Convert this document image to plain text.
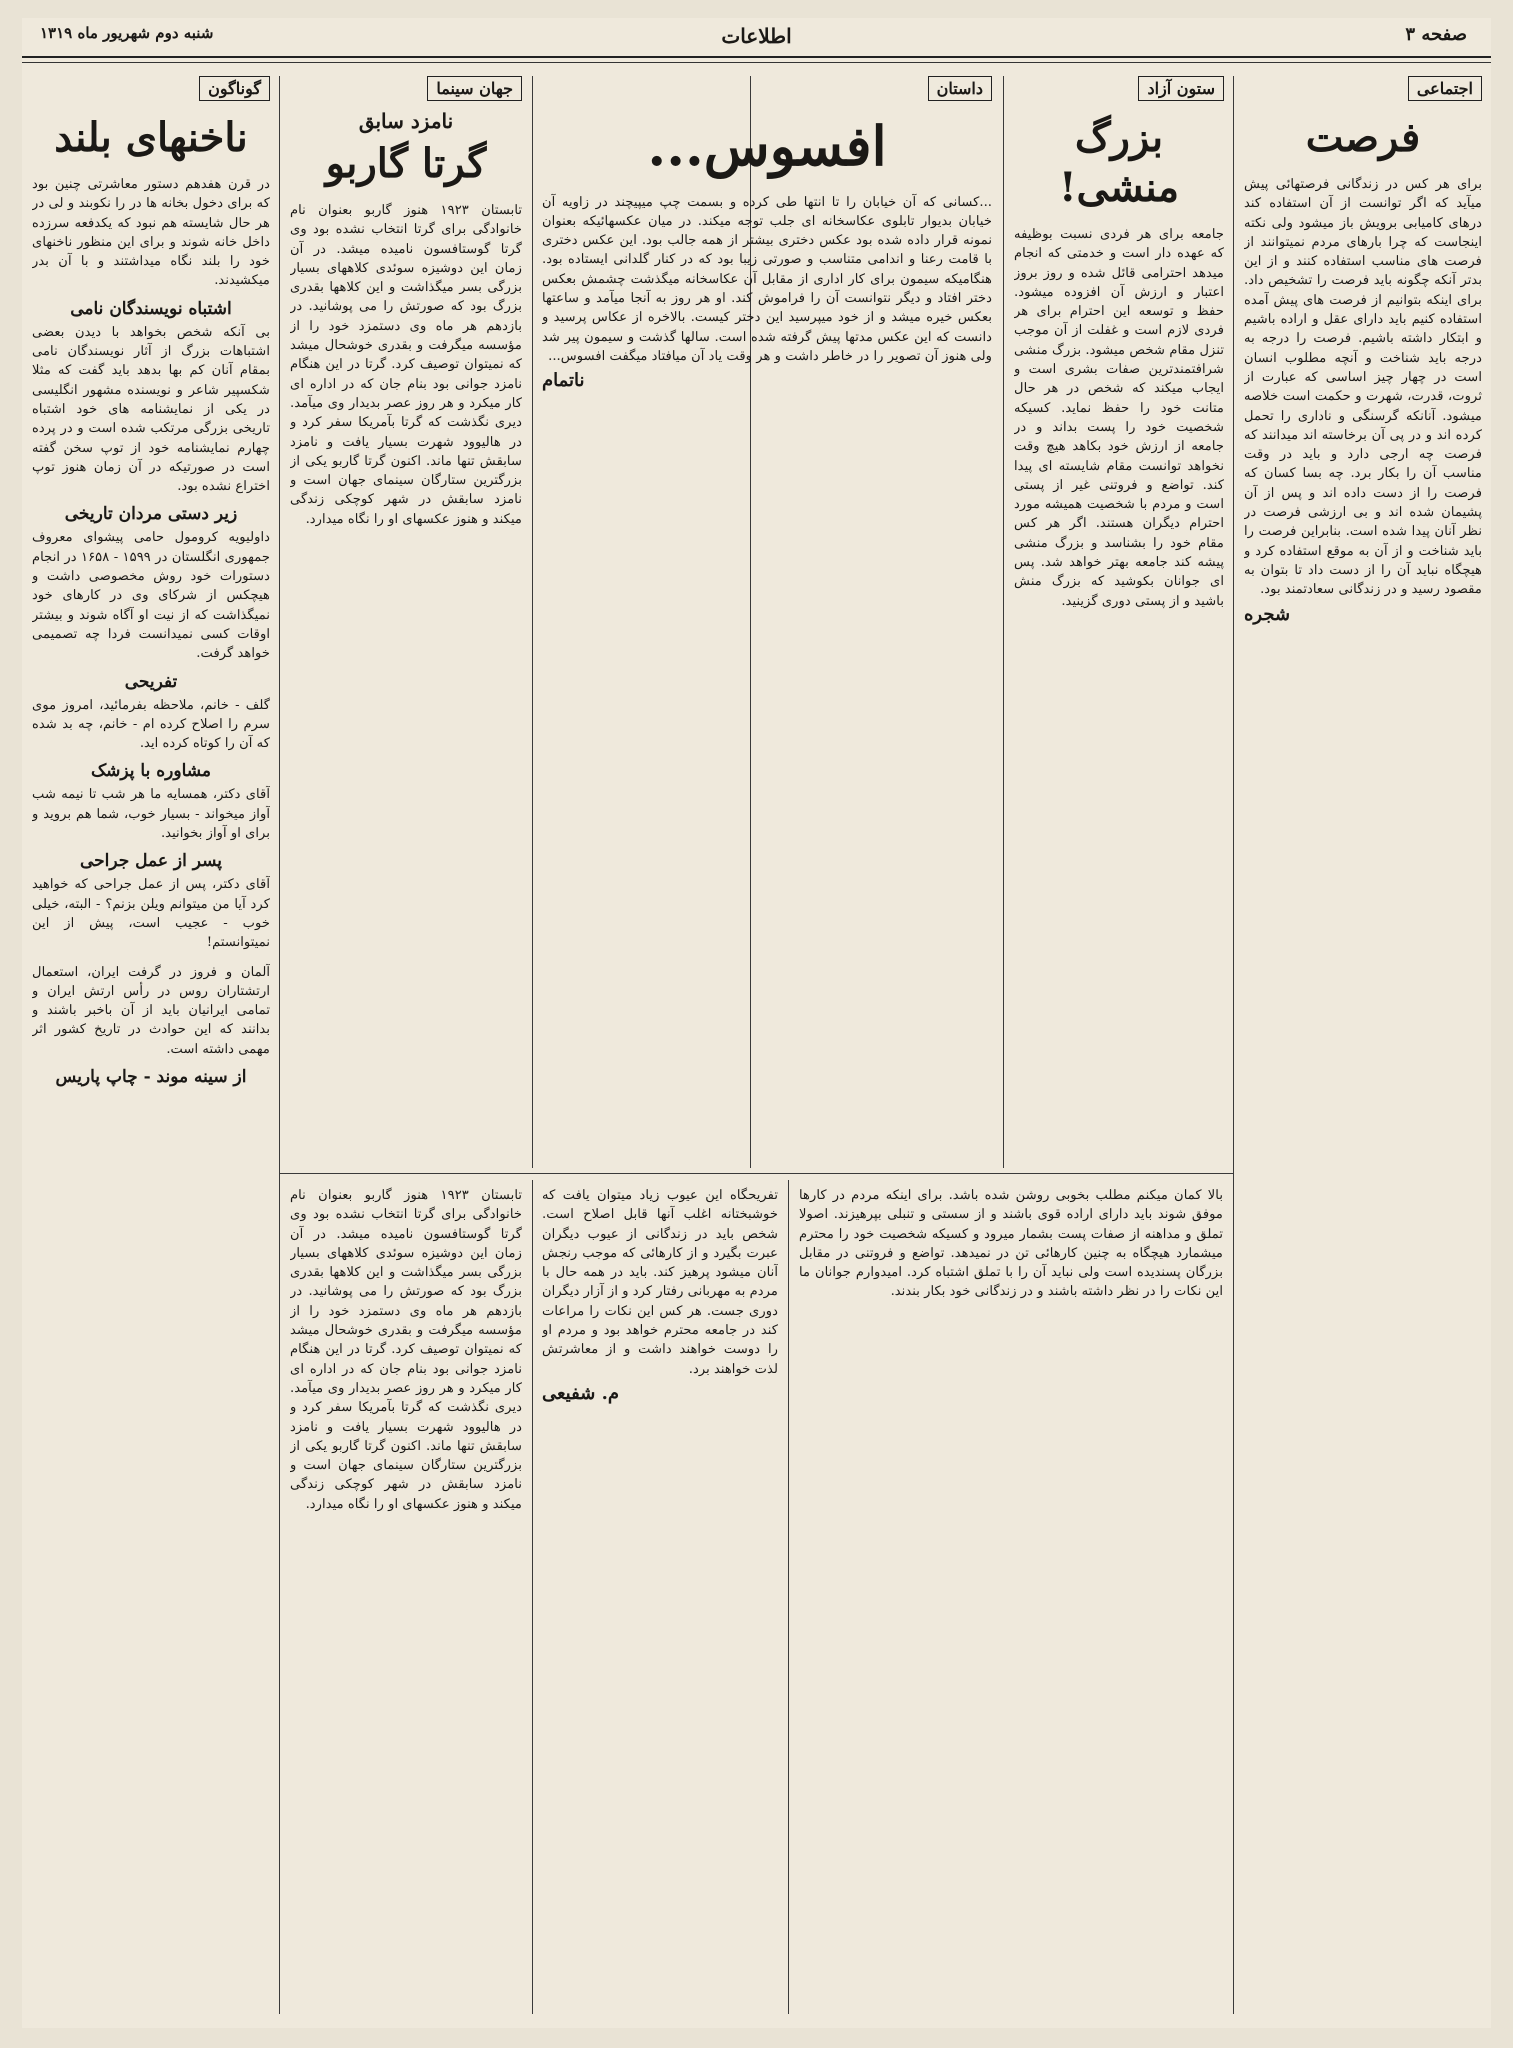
صفحه ۳
اطلاعات
شنبه دوم شهریور ماه ۱۳۱۹
اجتماعی
فرصت
برای هر کس در زندگانی فرصتهائی پیش میآید که اگر توانست از آن استفاده کند درهای کامیابی برویش باز میشود ولی نکته اینجاست که چرا بارهای مردم نمیتوانند از فرصت های مناسب استفاده کنند و از این بدتر آنکه چگونه باید فرصت را تشخیص داد. برای اینکه بتوانیم از فرصت های پیش آمده استفاده کنیم باید دارای عقل و اراده باشیم و ابتکار داشته باشیم. فرصت را درجه به درجه باید شناخت و آنچه مطلوب انسان است در چهار چیز اساسی که عبارت از ثروت، قدرت، شهرت و حکمت است خلاصه میشود. آنانکه گرسنگی و ناداری را تحمل کرده اند و در پی آن برخاسته اند میدانند که فرصت چه ارجی دارد و باید در وقت مناسب آن را بکار برد. چه بسا کسان که فرصت را از دست داده اند و پس از آن پشیمان شده اند و بی ارزشی فرصت در نظر آنان پیدا شده است. بنابراین فرصت را باید شناخت و از آن به موقع استفاده کرد و هیچگاه نباید آن را از دست داد تا بتوان به مقصود رسید و در زندگانی سعادتمند بود.
شجره
ستون آزاد
بزرگ منشی!
جامعه برای هر فردی نسبت بوظیفه که عهده دار است و خدمتی که انجام میدهد احترامی قائل شده و روز بروز اعتبار و ارزش آن افزوده میشود. حفظ و توسعه این احترام برای هر فردی لازم است و غفلت از آن موجب تنزل مقام شخص میشود. بزرگ منشی شرافتمندترین صفات بشری است و ایجاب میکند که شخص در هر حال متانت خود را حفظ نماید. کسیکه شخصیت خود را پست بداند و در جامعه از ارزش خود بکاهد هیچ وقت نخواهد توانست مقام شایسته ای پیدا کند. تواضع و فروتنی غیر از پستی است و مردم با شخصیت همیشه مورد احترام دیگران هستند. اگر هر کس مقام خود را بشناسد و بزرگ منشی پیشه کند جامعه بهتر خواهد شد. پس ای جوانان بکوشید که بزرگ منش باشید و از پستی دوری گزینید.
داستان
افسوس...
...کسانی که آن خیابان را تا انتها طی کرده و بسمت چپ میپیچند در زاویه آن خیابان بدیوار تابلوی عکاسخانه ای جلب توجه میکند. در میان عکسهائیکه بعنوان نمونه قرار داده شده بود عکس دختری بیشتر از همه جالب بود. این عکس دختری با قامت رعنا و اندامی متناسب و صورتی زیبا بود که در کنار گلدانی ایستاده بود. هنگامیکه سیمون برای کار اداری از مقابل آن عکاسخانه میگذشت چشمش بعکس دختر افتاد و دیگر نتوانست آن را فراموش کند. او هر روز به آنجا میآمد و ساعتها بعکس خیره میشد و از خود میپرسید این دختر کیست. بالاخره از عکاس پرسید و دانست که این عکس مدتها پیش گرفته شده است. سالها گذشت و سیمون پیر شد ولی هنوز آن تصویر را در خاطر داشت و هر وقت یاد آن میافتاد میگفت افسوس...
ناتمام
جهان سینما
نامزد سابق
گرتا گاربو
تابستان ۱۹۲۳ هنوز گاربو بعنوان نام خانوادگی برای گرتا انتخاب نشده بود وی گرتا گوستافسون نامیده میشد. در آن زمان این دوشیزه سوئدی کلاههای بسیار بزرگی بسر میگذاشت و این کلاهها بقدری بزرگ بود که صورتش را می پوشانید. در بازدهم هر ماه وی دستمزد خود را از مؤسسه میگرفت و بقدری خوشحال میشد که نمیتوان توصیف کرد. گرتا در این هنگام نامزد جوانی بود بنام جان که در اداره ای کار میکرد و هر روز عصر بدیدار وی میآمد. دیری نگذشت که گرتا بآمریکا سفر کرد و در هالیوود شهرت بسیار یافت و نامزد سابقش تنها ماند. اکنون گرتا گاربو یکی از بزرگترین ستارگان سینمای جهان است و نامزد سابقش در شهر کوچکی زندگی میکند و هنوز عکسهای او را نگاه میدارد.
گوناگون
ناخنهای بلند
در قرن هفدهم دستور معاشرتی چنین بود که برای دخول بخانه ها در را نکوبند و لی در هر حال شایسته هم نبود که یکدفعه سرزده داخل خانه شوند و برای این منظور ناخنهای خود را بلند نگاه میداشتند و با آن بدر میکشیدند.
اشتباه نویسندگان نامی
بی آنکه شخص بخواهد با دیدن بعضی اشتباهات بزرگ از آثار نویسندگان نامی بمقام آنان کم بها بدهد باید گفت که مثلا شکسپیر شاعر و نویسنده مشهور انگلیسی در یکی از نمایشنامه های خود اشتباه تاریخی بزرگی مرتکب شده است و در پرده چهارم نمایشنامه خود از توپ سخن گفته است در صورتیکه در آن زمان هنوز توپ اختراع نشده بود.
زیر دستی مردان تاریخی
داولیویه کرومول حامی پیشوای معروف جمهوری انگلستان در ۱۵۹۹ - ۱۶۵۸ در انجام دستورات خود روش مخصوصی داشت و هیچکس از شرکای وی در کارهای خود نمیگذاشت که از نیت او آگاه شوند و بیشتر اوقات کسی نمیدانست فردا چه تصمیمی خواهد گرفت.
تفریحی
گلف - خانم، ملاحظه بفرمائید، امروز موی سرم را اصلاح کرده ام - خانم، چه بد شده که آن را کوتاه کرده اید.
مشاوره با پزشک
آقای دکتر، همسایه ما هر شب تا نیمه شب آواز میخواند - بسیار خوب، شما هم بروید و برای او آواز بخوانید.
پسر از عمل جراحی
آقای دکتر، پس از عمل جراحی که خواهید کرد آیا من میتوانم ویلن بزنم؟ - البته، خیلی خوب - عجیب است، پیش از این نمیتوانستم!
آلمان و فروز در گرفت ایران، استعمال ارتشتاران روس در رأس ارتش ایران و تمامی ایرانیان باید از آن باخبر باشند و بدانند که این حوادث در تاریخ کشور اثر مهمی داشته است.
از سینه موند - چاپ پاریس
تفریحگاه این عیوب زیاد میتوان یافت که خوشبختانه اغلب آنها قابل اصلاح است. شخص باید در زندگانی از عیوب دیگران عبرت بگیرد و از کارهائی که موجب رنجش آنان میشود پرهیز کند. باید در همه حال با مردم به مهربانی رفتار کرد و از آزار دیگران دوری جست. هر کس این نکات را مراعات کند در جامعه محترم خواهد بود و مردم او را دوست خواهند داشت و از معاشرتش لذت خواهند برد.
م. شفیعی
بالا کمان میکنم مطلب بخوبی روشن شده باشد. برای اینکه مردم در کارها موفق شوند باید دارای اراده قوی باشند و از سستی و تنبلی بپرهیزند. اصولا تملق و مداهنه از صفات پست بشمار میرود و کسیکه شخصیت خود را محترم میشمارد هیچگاه به چنین کارهائی تن در نمیدهد. تواضع و فروتنی در مقابل بزرگان پسندیده است ولی نباید آن را با تملق اشتباه کرد. امیدوارم جوانان ما این نکات را در نظر داشته باشند و در زندگانی خود بکار بندند.
تابستان ۱۹۲۳ هنوز گاربو بعنوان نام خانوادگی برای گرتا انتخاب نشده بود وی گرتا گوستافسون نامیده میشد. در آن زمان این دوشیزه سوئدی کلاههای بسیار بزرگی بسر میگذاشت و این کلاهها بقدری بزرگ بود که صورتش را می پوشانید. در بازدهم هر ماه وی دستمزد خود را از مؤسسه میگرفت و بقدری خوشحال میشد که نمیتوان توصیف کرد. گرتا در این هنگام نامزد جوانی بود بنام جان که در اداره ای کار میکرد و هر روز عصر بدیدار وی میآمد. دیری نگذشت که گرتا بآمریکا سفر کرد و در هالیوود شهرت بسیار یافت و نامزد سابقش تنها ماند. اکنون گرتا گاربو یکی از بزرگترین ستارگان سینمای جهان است و نامزد سابقش در شهر کوچکی زندگی میکند و هنوز عکسهای او را نگاه میدارد.
